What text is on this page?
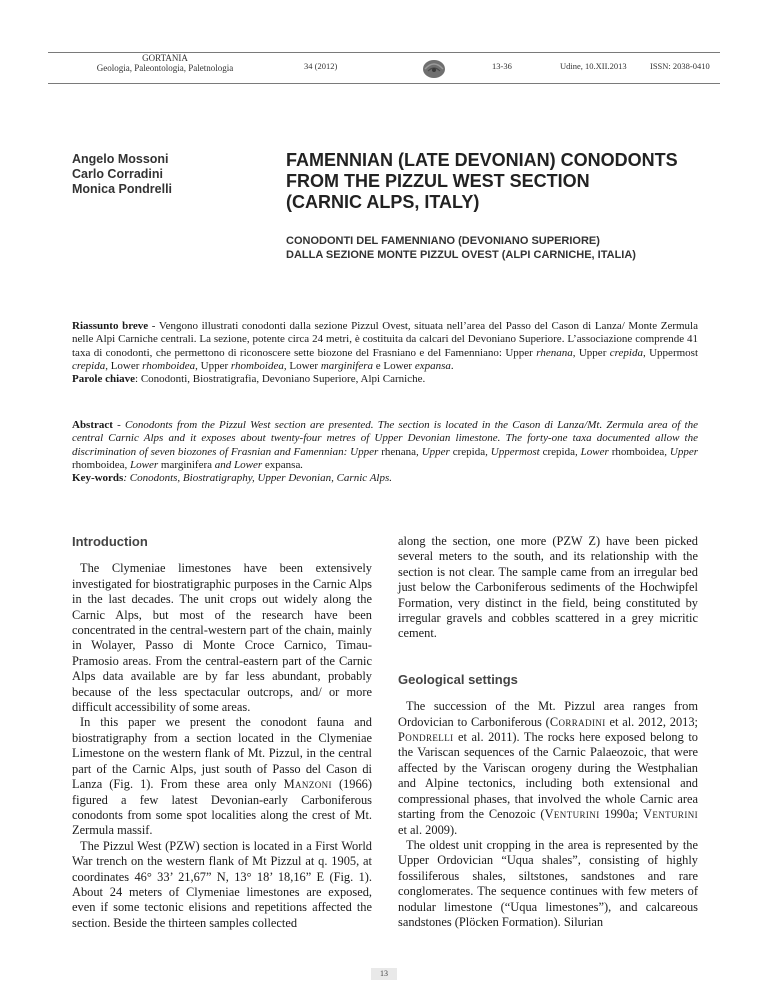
GORTANIA
Geologia, Paleontologia, Paletnologia	34 (2012)	13-36	Udine, 10.XII.2013	ISSN: 2038-0410
Angelo Mossoni
Carlo Corradini
Monica Pondrelli
FAMENNIAN (LATE DEVONIAN) CONODONTS
FROM THE PIZZUL WEST SECTION
(CARNIC ALPS, ITALY)
CONODONTI DEL FAMENNIANO (DEVONIANO SUPERIORE)
DALLA SEZIONE MONTE PIZZUL OVEST (ALPI CARNICHE, ITALIA)

Riassunto breve - Vengono illustrati conodonti dalla sezione Pizzul Ovest, situata nell’area del Passo del Cason di Lanza/ Monte Zermula nelle Alpi Carniche centrali. La sezione, potente circa 24 metri, è costituita da calcari del Devoniano Superiore. L’associazione comprende 41 taxa di conodonti, che permettono di riconoscere sette biozone del Frasniano e del Famenniano: Upper rhenana, Upper crepida, Uppermost crepida, Lower rhomboidea, Upper rhomboidea, Lower marginifera e Lower expansa.

Parole chiave: Conodonti, Biostratigrafia, Devoniano Superiore, Alpi Carniche.

Abstract - Conodonts from the Pizzul West section are presented. The section is located in the Cason di Lanza/Mt. Zermula area of the central Carnic Alps and it exposes about twenty-four metres of Upper Devonian limestone. The forty-one taxa documented allow the discrimination of seven biozones of Frasnian and Famennian: Upper rhenana, Upper crepida, Uppermost crepida, Lower rhomboidea, Upper rhomboidea, Lower marginifera and Lower expansa.

Key-words: Conodonts, Biostratigraphy, Upper Devonian, Carnic Alps.

Introduction

The Clymeniae limestones have been extensively investigated for biostratigraphic purposes in the Carnic Alps in the last decades. The unit crops out widely along the Carnic Alps, but most of the research have been concentrated in the central-western part of the chain, mainly in Wolayer, Passo di Monte Croce Carnico, Timau-Pramosio areas. From the central-eastern part of the Carnic Alps data available are by far less abundant, probably because of the less spectacular outcrops, and/ or more difficult accessibility of some areas.

In this paper we present the conodont fauna and biostratigraphy from a section located in the Clymeniae Limestone on the western flank of Mt. Pizzul, in the central part of the Carnic Alps, just south of Passo del Cason di Lanza (Fig. 1). From these area only Manzoni (1966) figured a few latest Devonian-early Carboniferous conodonts from some spot localities along the crest of Mt. Zermula massif.

The Pizzul West (PZW) section is located in a First World War trench on the western flank of Mt Pizzul at q. 1905, at coordinates 46° 33’ 21,67” N, 13° 18’ 18,16” E (Fig. 1). About 24 meters of Clymeniae limestones are exposed, even if some tectonic elisions and repetitions affected the section. Beside the thirteen samples collected

along the section, one more (PZW Z) have been picked several meters to the south, and its relationship with the section is not clear. The sample came from an irregular bed just below the Carboniferous sediments of the Hochwipfel Formation, very distinct in the field, being constituted by irregular gravels and cobbles scattered in a grey micritic cement.

Geological settings

The succession of the Mt. Pizzul area ranges from Ordovician to Carboniferous (Corradini et al. 2012, 2013; Pondrelli et al. 2011). The rocks here exposed belong to the Variscan sequences of the Carnic Palaeozoic, that were affected by the Variscan orogeny during the Westphalian and Alpine tectonics, including both extensional and compressional phases, that involved the whole Carnic area starting from the Cenozoic (Venturini 1990a; Venturini et al. 2009).

The oldest unit cropping in the area is represented by the Upper Ordovician “Uqua shales”, consisting of highly fossiliferous shales, siltstones, sandstones and rare conglomerates. The sequence continues with few meters of nodular limestone (“Uqua limestones”), and calcareous sandstones (Plöcken Formation). Silurian

13
